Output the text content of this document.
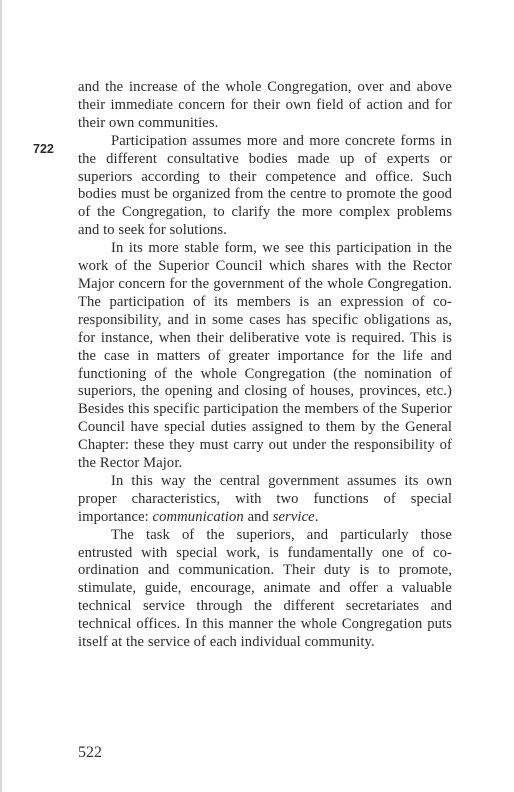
722

and the increase of the whole Congregation, over and above their immediate concern for their own field of action and for their own communities.

Participation assumes more and more concrete forms in the different consultative bodies made up of experts or superiors according to their competence and office. Such bodies must be organized from the centre to promote the good of the Congregation, to clarify the more complex problems and to seek for solutions.

In its more stable form, we see this participation in the work of the Superior Council which shares with the Rector Major concern for the government of the whole Congregation. The participation of its members is an expression of co-responsibility, and in some cases has specific obligations as, for instance, when their deliberative vote is required. This is the case in matters of greater importance for the life and functioning of the whole Congregation (the nomination of superiors, the opening and closing of houses, provinces, etc.) Besides this specific participation the members of the Superior Council have special duties assigned to them by the General Chapter: these they must carry out under the responsibility of the Rector Major.

In this way the central government assumes its own proper characteristics, with two functions of special importance: communication and service.

The task of the superiors, and particularly those entrusted with special work, is fundamentally one of co-ordination and communication. Their duty is to promote, stimulate, guide, encourage, animate and offer a valuable technical service through the different secretariates and technical offices. In this manner the whole Congregation puts itself at the service of each individual community.

522
